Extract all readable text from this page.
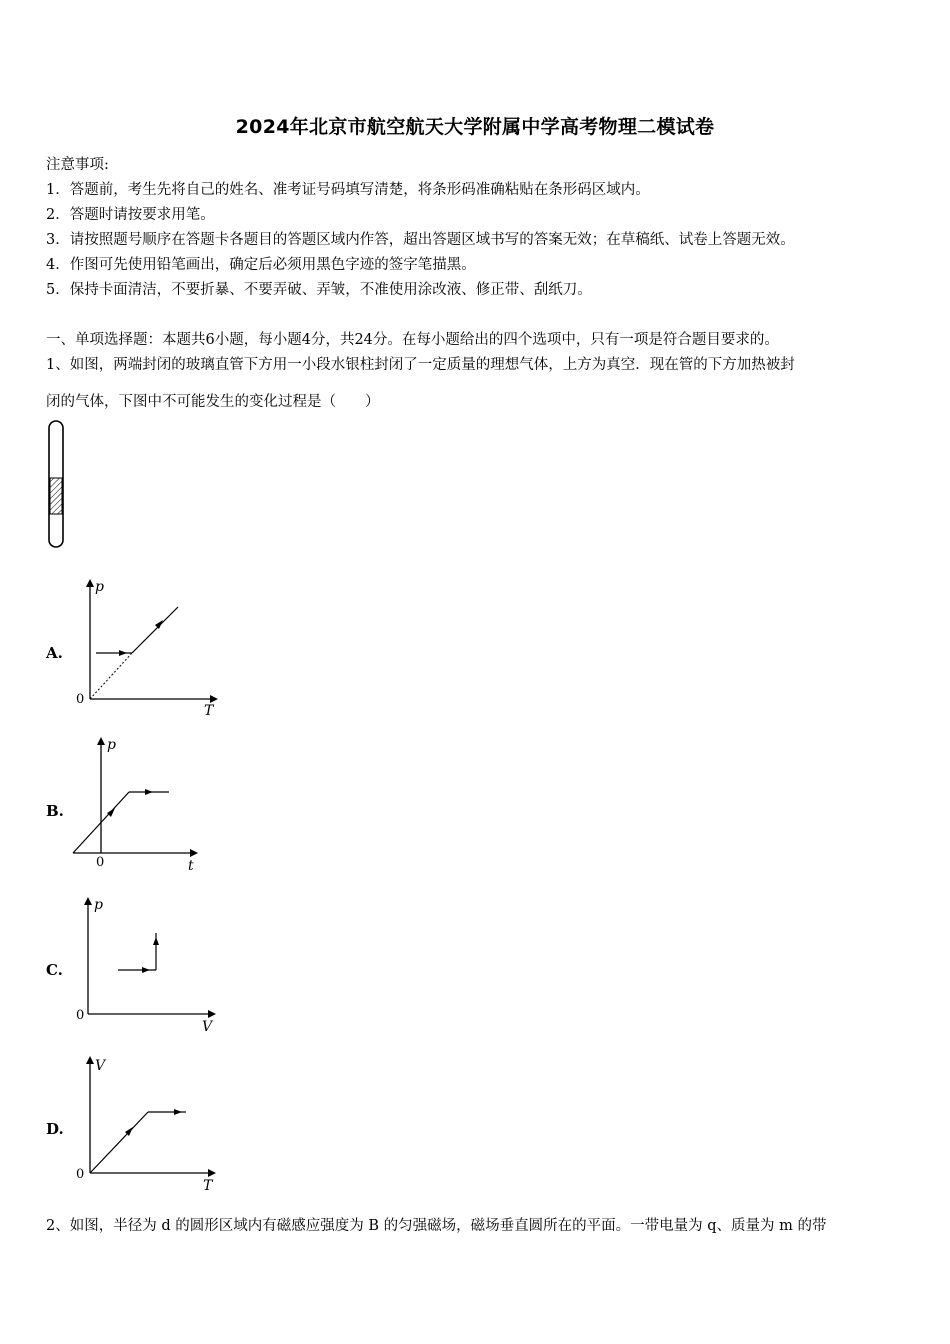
2024年北京市航空航天大学附属中学高考物理二模试卷
注意事项:
1．答题前，考生先将自己的姓名、准考证号码填写清楚，将条形码准确粘贴在条形码区域内。
2．答题时请按要求用笔。
3．请按照题号顺序在答题卡各题目的答题区域内作答，超出答题区域书写的答案无效；在草稿纸、试卷上答题无效。
4．作图可先使用铅笔画出，确定后必须用黑色字迹的签字笔描黑。
5．保持卡面清洁，不要折暴、不要弄破、弄皱，不准使用涂改液、修正带、刮纸刀。
一、单项选择题：本题共6小题，每小题4分，共24分。在每小题给出的四个选项中，只有一项是符合题目要求的。
1、如图，两端封闭的玻璃直管下方用一小段水银柱封闭了一定质量的理想气体，上方为真空．现在管的下方加热被封
闭的气体，下图中不可能发生的变化过程是（　　）
A.
p
T
0
B.
p
t
0
C.
p
V
0
D.
V
T
0
2、如图，半径为 d 的圆形区域内有磁感应强度为 B 的匀强磁场，磁场垂直圆所在的平面。一带电量为 q、质量为 m 的带
